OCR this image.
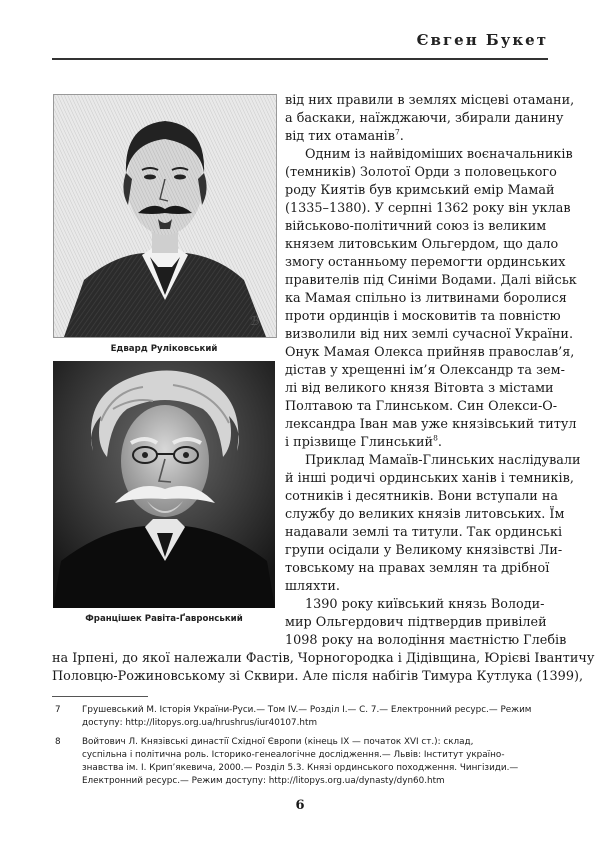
Євген Букет
ℬ
Едвард Руліковський
Францішек Равіта-Ґавронський
від них правили в землях місцеві отамани,
а баскаки, наїжджаючи, збирали данину
від тих отаманів$^7$.
Одним із найвідоміших воєначальників
(темників) Золотої Орди з половецького
роду Киятів був кримський емір Мамай
(1335–1380). У серпні 1362 року він уклав
військово-політичний союз із великим
князем литовським Ольгердом, що дало
змогу останньому перемогти ординських
правителів під Синіми Водами. Далі військ
ка Мамая спільно із литвинами боролися
проти ординців і московитів та повністю
визволили від них землі сучасної України.
Онук Мамая Олекса прийняв православ’я,
дістав у хрещенні ім’я Олександр та зем-
лі від великого князя Вітовта з містами
Полтавою та Глинськом. Син Олекси-О-
лександра Іван мав уже князівський титул
і прізвище Глинський$^8$.
Приклад Мамаїв-Глинських наслідували
й інші родичі ординських ханів і темників,
сотників і десятників. Вони вступали на
службу до великих князів литовських. Їм
надавали землі та титули. Так ординські
групи осідали у Великому князівстві Ли-
товському на правах землян та дрібної
шляхти.
1390 року київський князь Володи-
мир Ольгердович підтвердив привілей
1098 року на володіння маєтністю Глебів
на Ірпені, до якої належали Фастів, Чорногородка і Дідівщина, Юрієві Івантичу
Половцю-Рожиновському зі Сквири. Але після набігів Тимура Кутлука (1399),
7 Грушевський М. Історія України-Руси.— Том IV.— Розділ I.— С. 7.— Електронний ресурс.— Режим
доступу: http://litopys.org.ua/hrushrus/iur40107.htm
8 Войтович Л. Князівські династії Східної Європи (кінець IX — початок XVI ст.): склад,
суспільна і політична роль. Історико-генеалогічне дослідження.— Львів: Інститут українo-
знавства ім. І. Крип’якевича, 2000.— Розділ 5.3. Князі ординського походження. Чингізиди.—
Електронний ресурс.— Режим доступу: http://litopys.org.ua/dynasty/dyn60.htm
6
